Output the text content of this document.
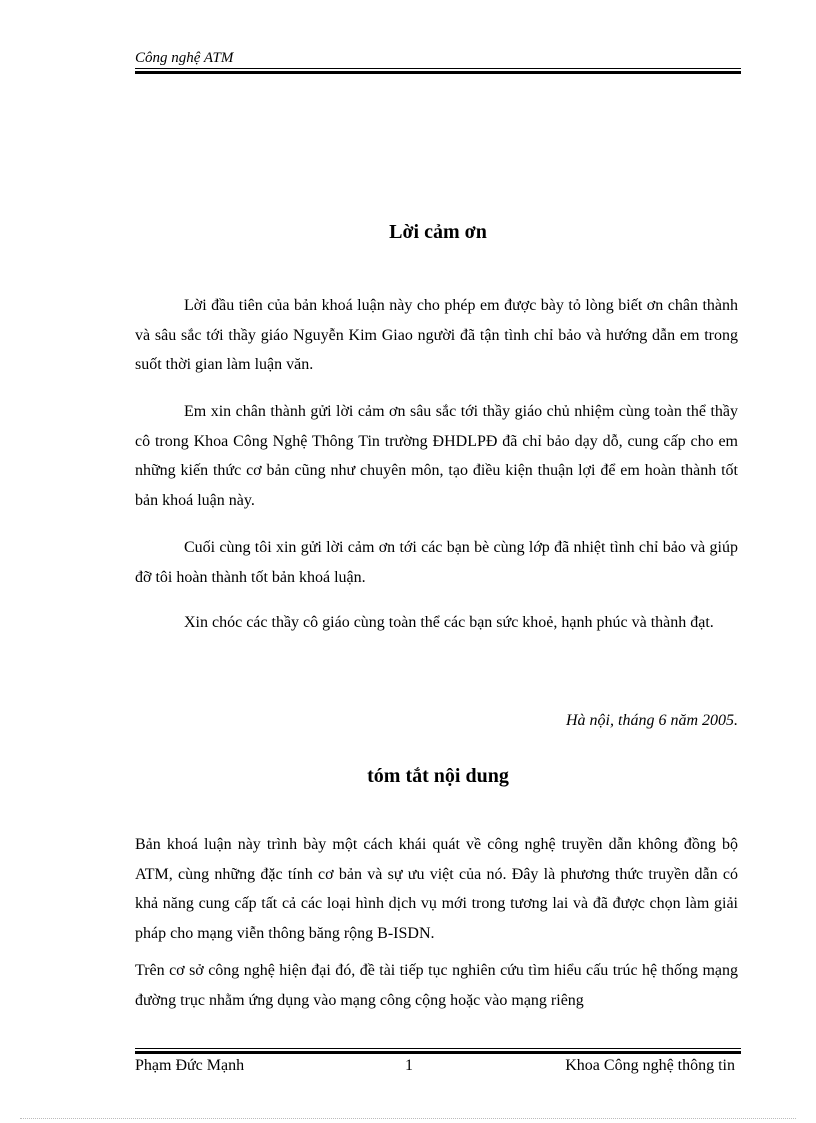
Công nghệ ATM
Lời cảm ơn
Lời đầu tiên của bản khoá luận này cho phép em được bày tỏ lòng biết ơn chân thành và sâu sắc tới thầy giáo Nguyễn Kim Giao người đã tận tình chỉ bảo và hướng dẫn em trong suốt thời gian làm luận văn.
Em xin chân thành gửi lời cảm ơn sâu sắc tới thầy giáo chủ nhiệm cùng toàn thể thầy cô trong Khoa Công Nghệ Thông Tin trường ĐHDLPĐ đã chỉ bảo dạy dỗ, cung cấp cho em những kiến thức cơ bản cũng như chuyên môn, tạo điều kiện thuận lợi để em hoàn thành tốt bản khoá luận này.
Cuối cùng tôi xin gửi lời cảm ơn tới các bạn bè cùng lớp đã nhiệt tình chỉ bảo và giúp đỡ tôi hoàn thành tốt bản khoá luận.
Xin chóc các thầy cô giáo cùng toàn thể các bạn sức khoẻ, hạnh phúc và thành đạt.
Hà nội, tháng 6 năm 2005.
tóm tắt nội dung
Bản khoá luận này trình bày một cách khái quát về công nghệ truyền dẫn không đồng bộ ATM, cùng những đặc tính cơ bản và sự ưu việt của nó. Đây là phương thức truyền dẫn có khả năng cung cấp tất cả các loại hình dịch vụ mới trong tương lai và đã được chọn làm giải pháp cho mạng viễn thông băng rộng B-ISDN.
Trên cơ sở công nghệ hiện đại đó, đề tài tiếp tục nghiên cứu tìm hiểu cấu trúc hệ thống mạng đường trục nhằm ứng dụng vào mạng công cộng hoặc vào mạng riêng
Phạm Đức Mạnh	1	Khoa Công nghệ thông tin
